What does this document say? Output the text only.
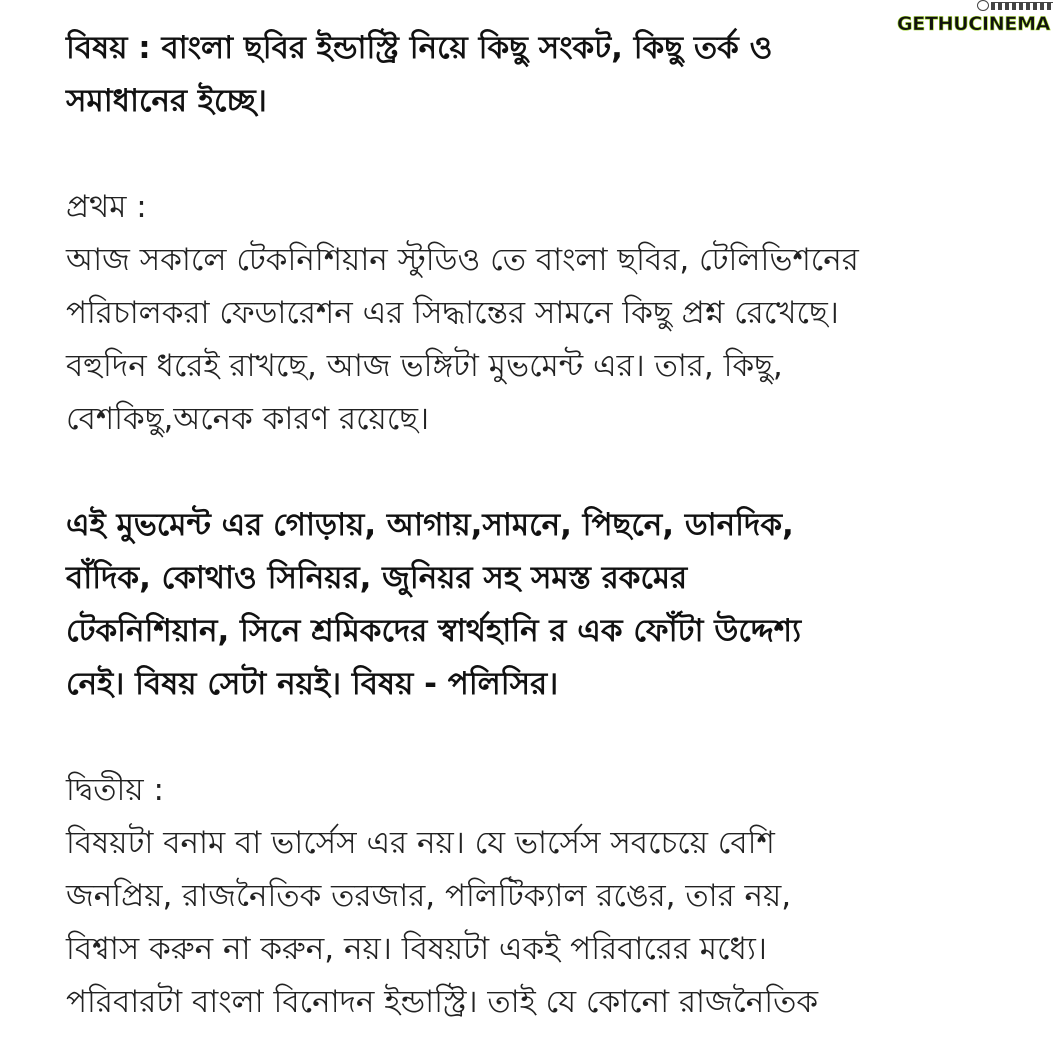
GETHUCINEMA
বিষয় : বাংলা ছবির ইন্ডাস্ট্রি নিয়ে কিছু সংকট, কিছু তর্ক ও
সমাধানের ইচ্ছে।
প্রথম :
আজ সকালে টেকনিশিয়ান স্টুডিও তে বাংলা ছবির, টেলিভিশনের
পরিচালকরা ফেডারেশন এর সিদ্ধান্তের সামনে কিছু প্রশ্ন রেখেছে।
বহুদিন ধরেই রাখছে, আজ ভঙ্গিটা মুভমেন্ট এর। তার, কিছু,
বেশকিছু,অনেক কারণ রয়েছে।
এই মুভমেন্ট এর গোড়ায়, আগায়,সামনে, পিছনে, ডানদিক,
বাঁদিক, কোথাও সিনিয়র, জুনিয়র সহ সমস্ত রকমের
টেকনিশিয়ান, সিনে শ্রমিকদের স্বার্থহানি র এক ফোঁটা উদ্দেশ্য
নেই। বিষয় সেটা নয়ই। বিষয় - পলিসির।
দ্বিতীয় :
বিষয়টা বনাম বা ভার্সেস এর নয়। যে ভার্সেস সবচেয়ে বেশি
জনপ্রিয়, রাজনৈতিক তরজার, পলিটিক্যাল রঙের, তার নয়,
বিশ্বাস করুন না করুন, নয়। বিষয়টা একই পরিবারের মধ্যে।
পরিবারটা বাংলা বিনোদন ইন্ডাস্ট্রি। তাই যে কোনো রাজনৈতিক
